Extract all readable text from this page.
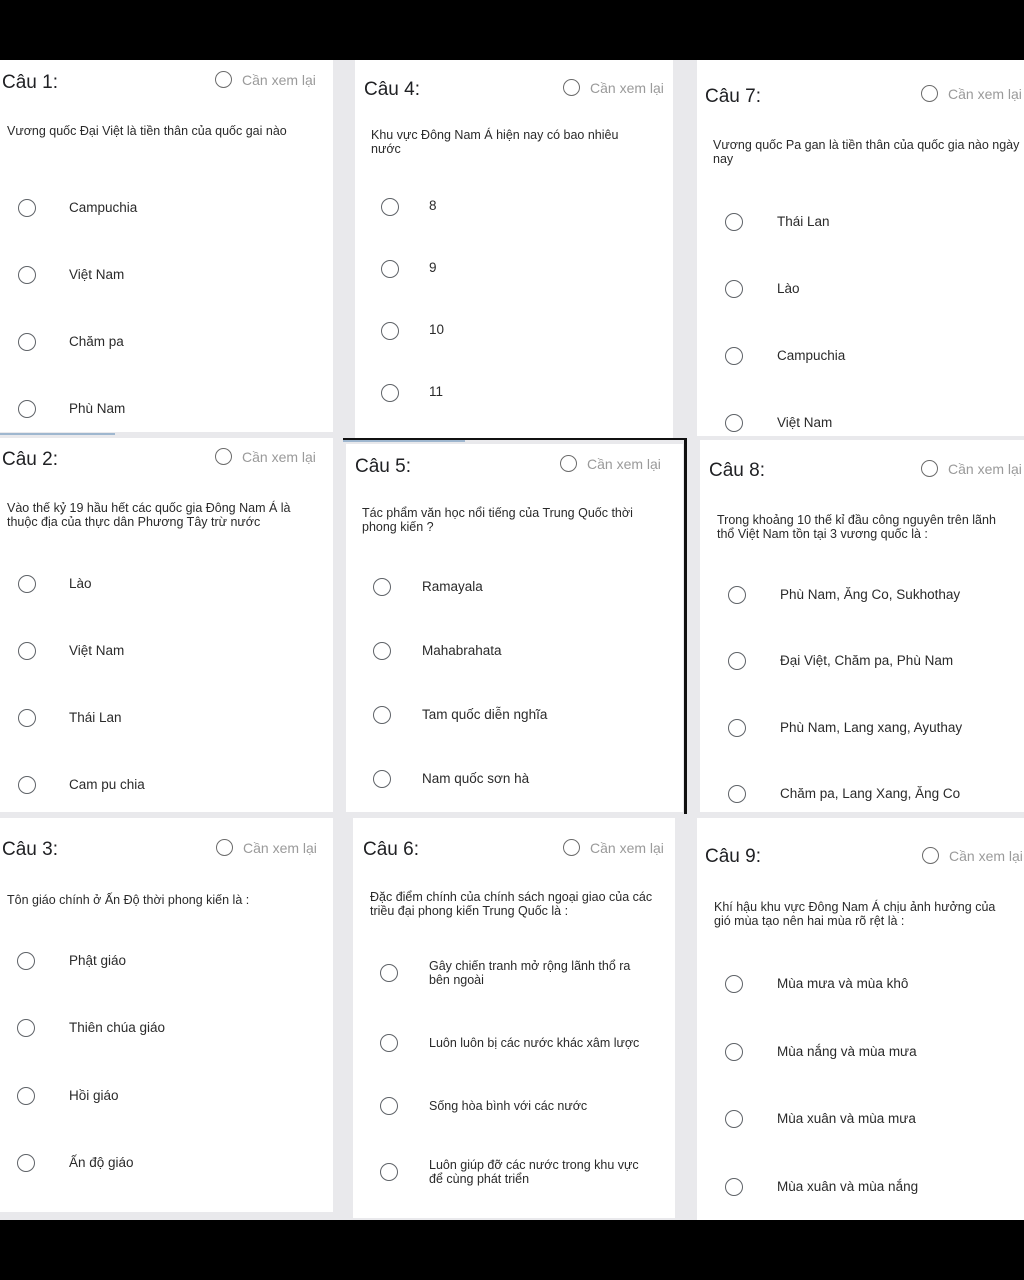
Câu 1:	Cần xem lại
Vương quốc Đại Việt là tiền thân của quốc gai nào
Campuchia
Việt Nam
Chăm pa
Phù Nam
Câu 2:	Cần xem lại
Vào thế kỷ 19 hầu hết các quốc gia Đông Nam Á là thuộc địa của thực dân Phương Tây trừ nước
Lào
Việt Nam
Thái Lan
Cam pu chia
Câu 3:	Cần xem lại
Tôn giáo chính ở Ấn Độ thời phong kiến là :
Phật giáo
Thiên chúa giáo
Hồi giáo
Ấn độ giáo
Câu 4:	Cần xem lại
Khu vực Đông Nam Á hiện nay có bao nhiêu nước
8
9
10
11
Câu 5:	Cần xem lại
Tác phẩm văn học nổi tiếng của Trung Quốc thời phong kiến ?
Ramayala
Mahabrahata
Tam quốc diễn nghĩa
Nam quốc sơn hà
Câu 6:	Cần xem lại
Đặc điểm chính của chính sách ngoại giao của các triều đại phong kiến Trung Quốc là :
Gây chiến tranh mở rộng lãnh thổ ra bên ngoài
Luôn luôn bị các nước khác xâm lược
Sống hòa bình với các nước
Luôn giúp đỡ các nước trong khu vực để cùng phát triển
Câu 7:	Cần xem lại
Vương quốc Pa gan là tiền thân của quốc gia nào ngày nay
Thái Lan
Lào
Campuchia
Việt Nam
Câu 8:	Cần xem lại
Trong khoảng 10 thế kỉ đầu công nguyên trên lãnh thổ Việt Nam tồn tại 3 vương quốc là :
Phù Nam, Ăng Co, Sukhothay
Đại Việt, Chăm pa, Phù Nam
Phù Nam, Lang xang, Ayuthay
Chăm pa, Lang Xang, Ăng Co
Câu 9:	Cần xem lại
Khí hậu khu vực Đông Nam Á chịu ảnh hưởng của gió mùa tạo nên hai mùa rõ rệt là :
Mùa mưa và mùa khô
Mùa nắng và mùa mưa
Mùa xuân và mùa mưa
Mùa xuân và mùa nắng
